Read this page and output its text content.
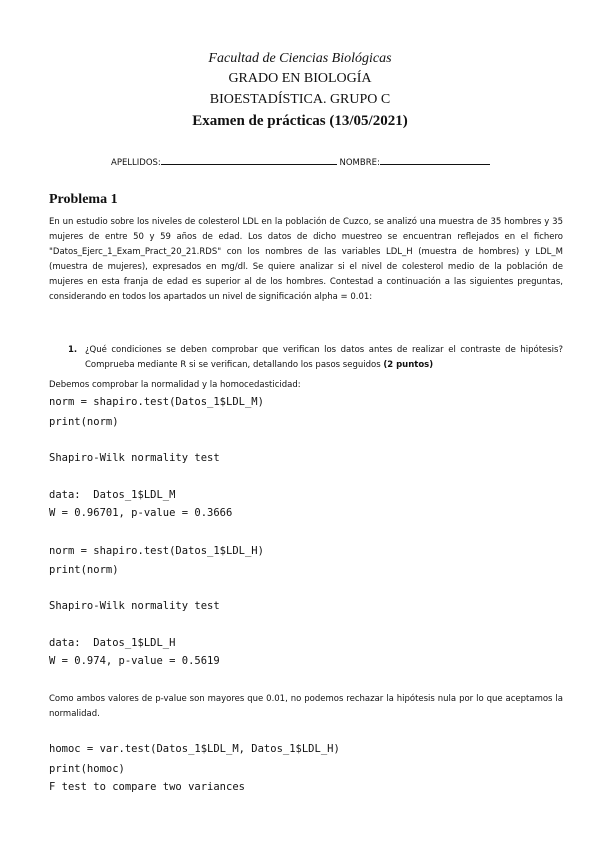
Facultad de Ciencias Biológicas
GRADO EN BIOLOGÍA
BIOESTADÍSTICA. GRUPO C
Examen de prácticas (13/05/2021)
APELLIDOS:	NOMBRE:
Problema 1
En un estudio sobre los niveles de colesterol LDL en la población de Cuzco, se analizó una muestra de 35 hombres y 35 mujeres de entre 50 y 59 años de edad. Los datos de dicho muestreo se encuentran reflejados en el fichero "Datos_Ejerc_1_Exam_Pract_20_21.RDS" con los nombres de las variables LDL_H (muestra de hombres) y LDL_M (muestra de mujeres), expresados en mg/dl. Se quiere analizar si el nivel de colesterol medio de la población de mujeres en esta franja de edad es superior al de los hombres. Contestad a continuación a las siguientes preguntas, considerando en todos los apartados un nivel de significación alpha = 0.01:
1. ¿Qué condiciones se deben comprobar que verifican los datos antes de realizar el contraste de hipótesis? Comprueba mediante R si se verifican, detallando los pasos seguidos (2 puntos)
Debemos comprobar la normalidad y la homocedasticidad:
norm = shapiro.test(Datos_1$LDL_M)
print(norm)
Shapiro-Wilk normality test
data:  Datos_1$LDL_M
W = 0.96701, p-value = 0.3666
norm = shapiro.test(Datos_1$LDL_H)
print(norm)
Shapiro-Wilk normality test
data:  Datos_1$LDL_H
W = 0.974, p-value = 0.5619
Como ambos valores de p-value son mayores que 0.01, no podemos rechazar la hipótesis nula por lo que aceptamos la normalidad.
homoc = var.test(Datos_1$LDL_M, Datos_1$LDL_H)
print(homoc)
F test to compare two variances
